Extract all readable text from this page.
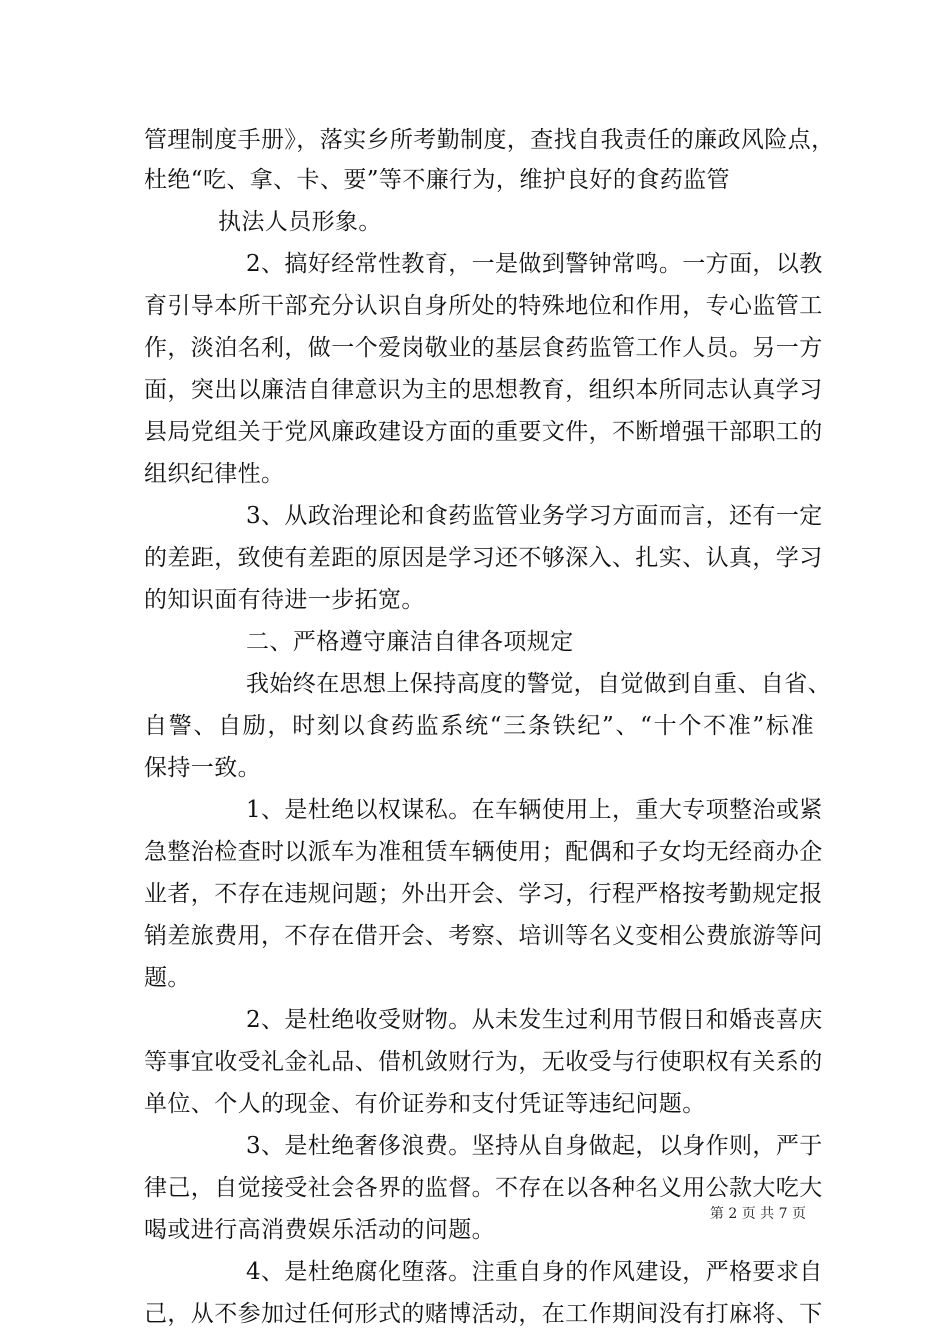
管理制度手册》，落实乡所考勤制度，查找自我责任的廉政风险点，
杜绝“吃、拿、卡、要”等不廉行为，维护良好的食药监管
执法人员形象。
2、搞好经常性教育，一是做到警钟常鸣。一方面，以教
育引导本所干部充分认识自身所处的特殊地位和作用，专心监管工
作，淡泊名利，做一个爱岗敬业的基层食药监管工作人员。另一方
面，突出以廉洁自律意识为主的思想教育，组织本所同志认真学习
县局党组关于党风廉政建设方面的重要文件，不断增强干部职工的
组织纪律性。
3、从政治理论和食药监管业务学习方面而言，还有一定
的差距，致使有差距的原因是学习还不够深入、扎实、认真，学习
的知识面有待进一步拓宽。
二、严格遵守廉洁自律各项规定
我始终在思想上保持高度的警觉，自觉做到自重、自省、
自警、自励，时刻以食药监系统“三条铁纪”、“十个不准”标准
保持一致。
1、是杜绝以权谋私。在车辆使用上，重大专项整治或紧
急整治检查时以派车为准租赁车辆使用；配偶和子女均无经商办企
业者，不存在违规问题；外出开会、学习，行程严格按考勤规定报
销差旅费用，不存在借开会、考察、培训等名义变相公费旅游等问
题。
2、是杜绝收受财物。从未发生过利用节假日和婚丧喜庆
等事宜收受礼金礼品、借机敛财行为，无收受与行使职权有关系的
单位、个人的现金、有价证券和支付凭证等违纪问题。
3、是杜绝奢侈浪费。坚持从自身做起，以身作则，严于
律己，自觉接受社会各界的监督。不存在以各种名义用公款大吃大
喝或进行高消费娱乐活动的问题。
4、是杜绝腐化堕落。注重自身的作风建设，严格要求自
己，从不参加过任何形式的赌博活动，在工作期间没有打麻将、下
第 2 页 共 7 页
